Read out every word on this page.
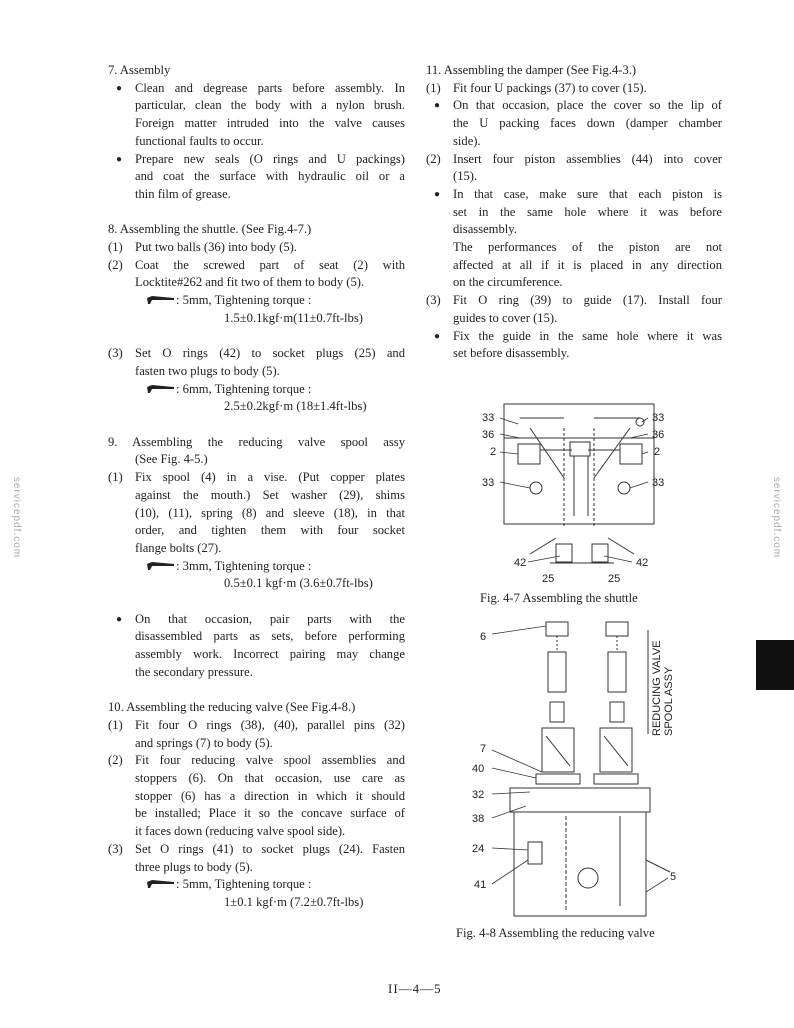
7. Assembly
Clean and degrease parts before assembly. In
particular, clean the body with a nylon brush.
Foreign matter intruded into the valve causes
functional faults to occur.
Prepare new seals (O rings and U packings)
and coat the surface with hydraulic oil or a
thin film of grease.
8. Assembling the shuttle. (See Fig.4-7.)
(1) Put two balls (36) into body (5).
(2) Coat the screwed part of seat (2) with
Locktite#262 and fit two of them to body (5).
: 5mm, Tightening torque :
1.5±0.1kgf·m(11±0.7ft-lbs)
(3) Set O rings (42) to socket plugs (25) and
fasten two plugs to body (5).
: 6mm, Tightening torque :
2.5±0.2kgf·m (18±1.4ft-lbs)
9. Assembling the reducing valve spool assy
(See Fig. 4-5.)
(1) Fix spool (4) in a vise. (Put copper plates
against the mouth.) Set washer (29), shims
(10), (11), spring (8) and sleeve (18), in that
order, and tighten them with four socket
flange bolts (27).
: 3mm, Tightening torque :
0.5±0.1 kgf·m (3.6±0.7ft-lbs)
On that occasion, pair parts with the
disassembled parts as sets, before performing
assembly work. Incorrect pairing may change
the secondary pressure.
10. Assembling the reducing valve (See Fig.4-8.)
(1) Fit four O rings (38), (40), parallel pins (32)
and springs (7) to body (5).
(2) Fit four reducing valve spool assemblies and
stoppers (6). On that occasion, use care as
stopper (6) has a direction in which it should
be installed; Place it so the concave surface of
it faces down (reducing valve spool side).
(3) Set O rings (41) to socket plugs (24). Fasten
three plugs to body (5).
: 5mm, Tightening torque :
1±0.1 kgf·m (7.2±0.7ft-lbs)
11. Assembling the damper (See Fig.4-3.)
(1) Fit four U packings (37) to cover (15).
On that occasion, place the cover so the lip of
the U packing faces down (damper chamber
side).
(2) Insert four piston assemblies (44) into cover
(15).
In that case, make sure that each piston is
set in the same hole where it was before
disassembly.
The performances of the piston are not
affected at all if it is placed in any direction
on the circumference.
(3) Fit O ring (39) to guide (17). Install four
guides to cover (15).
Fix the guide in the same hole where it was
set before disassembly.
33
36
2
33
33
36
2
33
42	42
25	25
Fig. 4-7 Assembling the shuttle
6
7
40
32
38
24
41
5
REDUCING VALVE SPOOL ASSY
Fig. 4-8 Assembling the reducing valve
servicepdf.com	servicepdf.com
II—4—5
